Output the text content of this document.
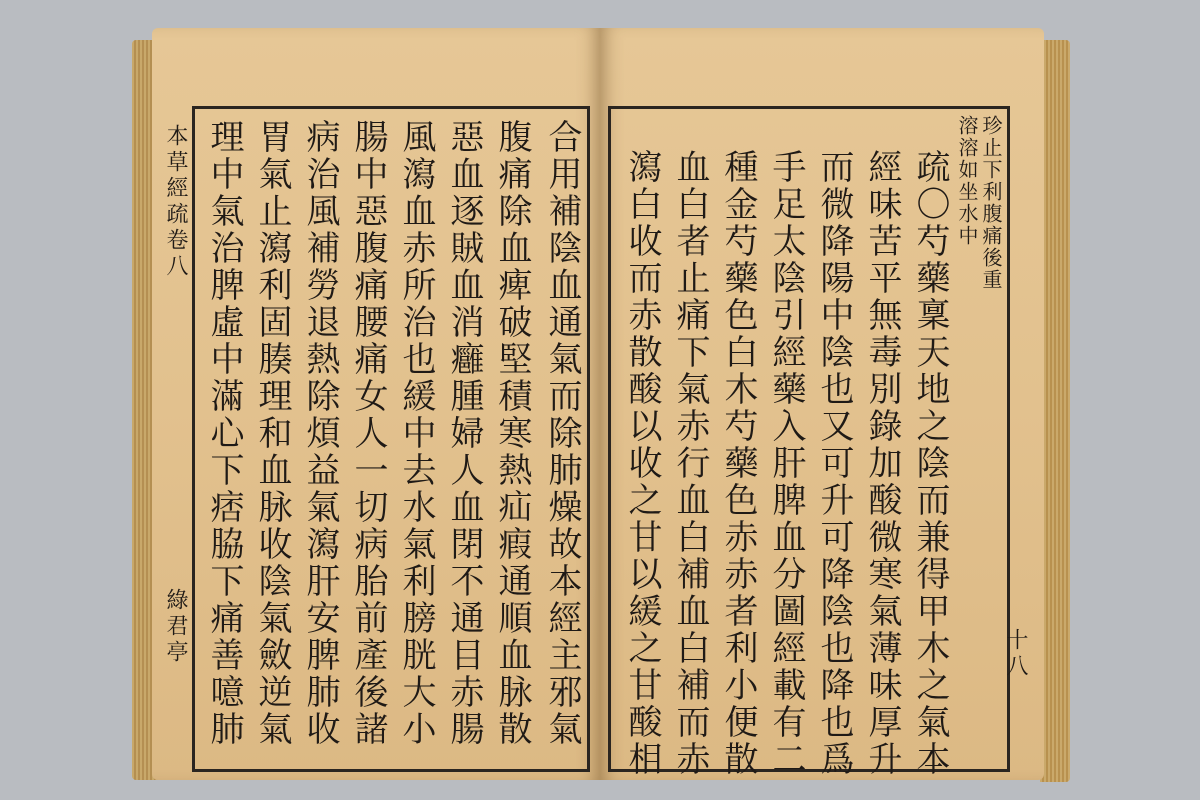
本草經疏卷八
綠君亭	合用補陰血通氣而除肺燥故本經主邪氣
腹痛除血痺破堅積寒熱疝瘕通順血脉散
惡血逐賊血消癰腫婦人血閉不通目赤腸
風瀉血赤所治也緩中去水氣利膀胱大小
腸中惡腹痛腰痛女人一切病胎前產後諸
病治風補勞退熱除煩益氣瀉肝安脾肺收
胃氣止瀉利固腠理和血脉收陰氣斂逆氣
理中氣治脾虛中滿心下痞脇下痛善噫肺	溶溶如坐水中 珍止下利腹痛後重
疏〇芍藥稟天地之陰而兼得甲木之氣本
經味苦平無毒別錄加酸微寒氣薄味厚升
而微降陽中陰也又可升可降陰也降也爲
手足太陰引經藥入肝脾血分圖經載有二
種金芍藥色白木芍藥色赤赤者利小便散
血白者止痛下氣赤行血白補血白補而赤
瀉白收而赤散酸以收之甘以緩之甘酸相	十八
